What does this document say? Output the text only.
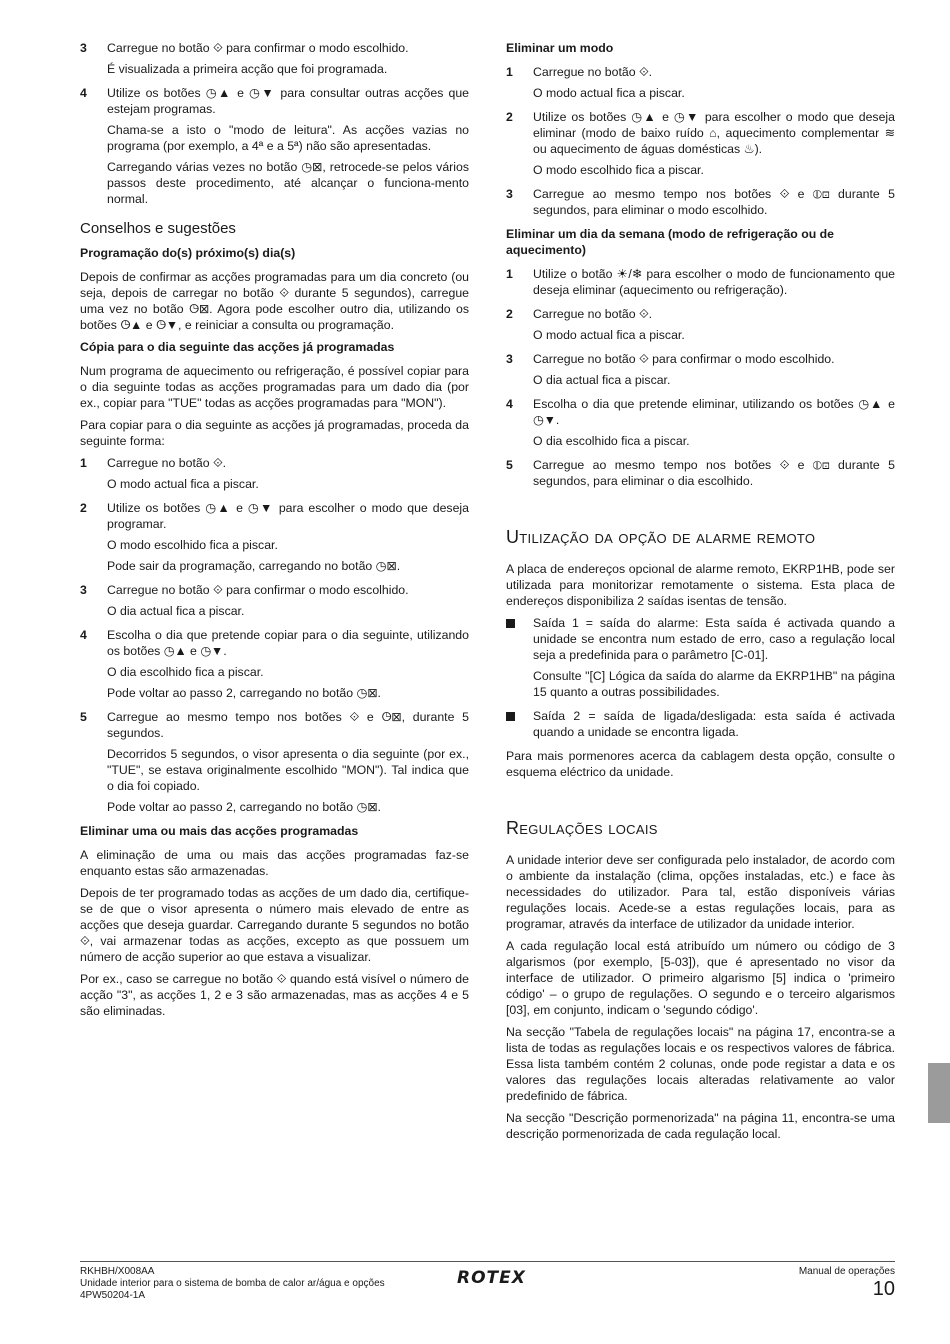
3 Carregue no botão ⟐ para confirmar o modo escolhido.

É visualizada a primeira acção que foi programada.

4 Utilize os botões ◷▲ e ◷▼ para consultar outras acções que estejam programas.

Chama-se a isto o "modo de leitura". As acções vazias no programa (por exemplo, a 4ª e a 5ª) não são apresentadas.

Carregando várias vezes no botão ◷⊠, retrocede-se pelos vários passos deste procedimento, até alcançar o funciona-mento normal.

Conselhos e sugestões
Programação do(s) próximo(s) dia(s)

Depois de confirmar as acções programadas para um dia concreto (ou seja, depois de carregar no botão ⟐ durante 5 segundos), carregue uma vez no botão ◷⊠. Agora pode escolher outro dia, utilizando os botões ◷▲ e ◷▼, e reiniciar a consulta ou programação.

Cópia para o dia seguinte das acções já programadas

Num programa de aquecimento ou refrigeração, é possível copiar para o dia seguinte todas as acções programadas para um dado dia (por ex., copiar para "TUE" todas as acções programadas para "MON").

Para copiar para o dia seguinte as acções já programadas, proceda da seguinte forma:

1 Carregue no botão ⟐.

O modo actual fica a piscar.

2 Utilize os botões ◷▲ e ◷▼ para escolher o modo que deseja programar.

O modo escolhido fica a piscar.

Pode sair da programação, carregando no botão ◷⊠.

3 Carregue no botão ⟐ para confirmar o modo escolhido.

O dia actual fica a piscar.

4 Escolha o dia que pretende copiar para o dia seguinte, utilizando os botões ◷▲ e ◷▼.

O dia escolhido fica a piscar.

Pode voltar ao passo 2, carregando no botão ◷⊠.

5 Carregue ao mesmo tempo nos botões ⟐ e ◷⊠, durante 5 segundos.

Decorridos 5 segundos, o visor apresenta o dia seguinte (por ex., "TUE", se estava originalmente escolhido "MON"). Tal indica que o dia foi copiado.

Pode voltar ao passo 2, carregando no botão ◷⊠.

Eliminar uma ou mais das acções programadas

A eliminação de uma ou mais das acções programadas faz-se enquanto estas são armazenadas.

Depois de ter programado todas as acções de um dado dia, certifique-se de que o visor apresenta o número mais elevado de entre as acções que deseja guardar. Carregando durante 5 segundos no botão ⟐, vai armazenar todas as acções, excepto as que possuem um número de acção superior ao que estava a visualizar.

Por ex., caso se carregue no botão ⟐ quando está visível o número de acção "3", as acções 1, 2 e 3 são armazenadas, mas as acções 4 e 5 são eliminadas.

Eliminar um modo
1 Carregue no botão ⟐.

O modo actual fica a piscar.

2 Utilize os botões ◷▲ e ◷▼ para escolher o modo que deseja eliminar (modo de baixo ruído ⌂, aquecimento complementar ≋ ou aquecimento de águas domésticas ♨).

O modo escolhido fica a piscar.

3 Carregue ao mesmo tempo nos botões ⟐ e ⦶⊡ durante 5 segundos, para eliminar o modo escolhido.

Eliminar um dia da semana (modo de refrigeração ou de aquecimento)
1 Utilize o botão ☀/❄ para escolher o modo de funcionamento que deseja eliminar (aquecimento ou refrigeração).

2 Carregue no botão ⟐.

O modo actual fica a piscar.

3 Carregue no botão ⟐ para confirmar o modo escolhido.

O dia actual fica a piscar.

4 Escolha o dia que pretende eliminar, utilizando os botões ◷▲ e ◷▼.

O dia escolhido fica a piscar.

5 Carregue ao mesmo tempo nos botões ⟐ e ⦶⊡ durante 5 segundos, para eliminar o dia escolhido.

Utilização da opção de alarme remoto

A placa de endereços opcional de alarme remoto, EKRP1HB, pode ser utilizada para monitorizar remotamente o sistema. Esta placa de endereços disponibiliza 2 saídas isentas de tensão.

Saída 1 = saída do alarme: Esta saída é activada quando a unidade se encontra num estado de erro, caso a regulação local seja a predefinida para o parâmetro [C-01].

Consulte "[C] Lógica da saída do alarme da EKRP1HB" na página 15 quanto a outras possibilidades.

Saída 2 = saída de ligada/desligada: esta saída é activada quando a unidade se encontra ligada.

Para mais pormenores acerca da cablagem desta opção, consulte o esquema eléctrico da unidade.

Regulações locais

A unidade interior deve ser configurada pelo instalador, de acordo com o ambiente da instalação (clima, opções instaladas, etc.) e face às necessidades do utilizador. Para tal, estão disponíveis várias regulações locais. Acede-se a estas regulações locais, para as programar, através da interface de utilizador da unidade interior.

A cada regulação local está atribuído um número ou código de 3 algarismos (por exemplo, [5-03]), que é apresentado no visor da interface de utilizador. O primeiro algarismo [5] indica o 'primeiro código' – o grupo de regulações. O segundo e o terceiro algarismos [03], em conjunto, indicam o 'segundo código'.

Na secção "Tabela de regulações locais" na página 17, encontra-se a lista de todas as regulações locais e os respectivos valores de fábrica. Essa lista também contém 2 colunas, onde pode registar a data e os valores das regulações locais alteradas relativamente ao valor predefinido de fábrica.

Na secção "Descrição pormenorizada" na página 11, encontra-se uma descrição pormenorizada de cada regulação local.

RKHBH/X008AA
Unidade interior para o sistema de bomba de calor ar/água e opções
4PW50204-1A
ROTEX	Manual de operações
10
